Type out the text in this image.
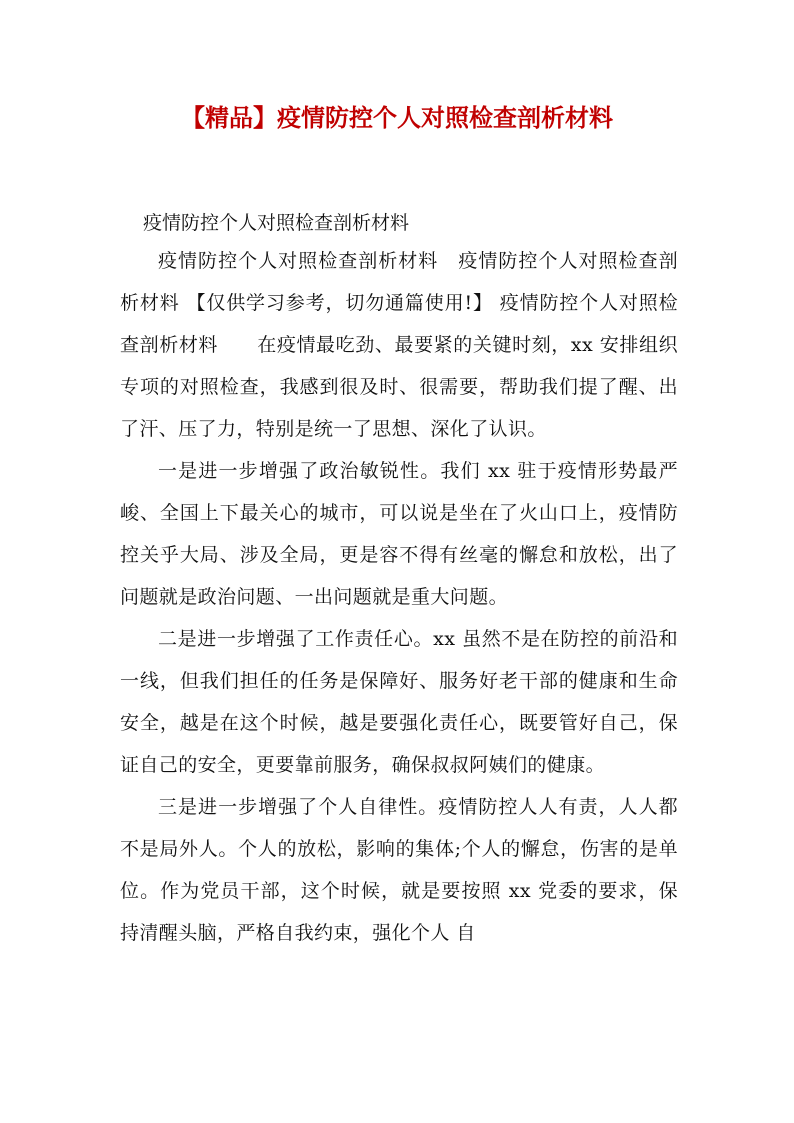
【精品】疫情防控个人对照检查剖析材料

疫情防控个人对照检查剖析材料

疫情防控个人对照检查剖析材料　疫情防控个人对照检查剖析材料 【仅供学习参考，切勿通篇使用!】 疫情防控个人对照检查剖析材料　　在疫情最吃劲、最要紧的关键时刻，xx 安排组织专项的对照检查，我感到很及时、很需要，帮助我们提了醒、出了汗、压了力，特别是统一了思想、深化了认识。

一是进一步增强了政治敏锐性。我们 xx 驻于疫情形势最严峻、全国上下最关心的城市，可以说是坐在了火山口上，疫情防控关乎大局、涉及全局，更是容不得有丝毫的懈怠和放松，出了问题就是政治问题、一出问题就是重大问题。

二是进一步增强了工作责任心。xx 虽然不是在防控的前沿和一线，但我们担任的任务是保障好、服务好老干部的健康和生命安全，越是在这个时候，越是要强化责任心，既要管好自己，保证自己的安全，更要靠前服务，确保叔叔阿姨们的健康。

三是进一步增强了个人自律性。疫情防控人人有责，人人都不是局外人。个人的放松，影响的集体;个人的懈怠，伤害的是单位。作为党员干部，这个时候，就是要按照 xx 党委的要求，保持清醒头脑，严格自我约束，强化个人 自
